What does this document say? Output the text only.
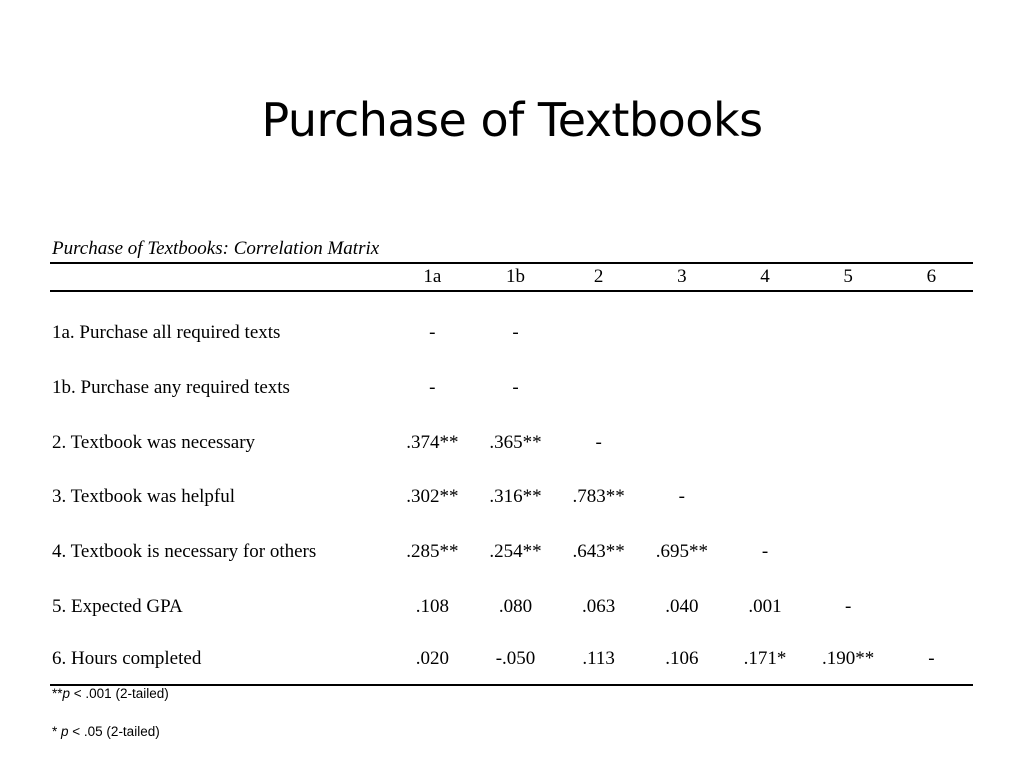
Purchase of Textbooks
Purchase of Textbooks: Correlation Matrix
	1a	1b	2	3	4	5	6
1a. Purchase all required texts	-	-					
1b. Purchase any required texts	-	-					
2. Textbook was necessary	.374**	.365**	-				
3. Textbook was helpful	.302**	.316**	.783**	-			
4. Textbook is necessary for others	.285**	.254**	.643**	.695**	-		
5. Expected GPA	.108	.080	.063	.040	.001	-	
6. Hours completed	.020	-.050	.113	.106	.171*	.190**	-
**p < .001 (2-tailed)
* p < .05 (2-tailed)
